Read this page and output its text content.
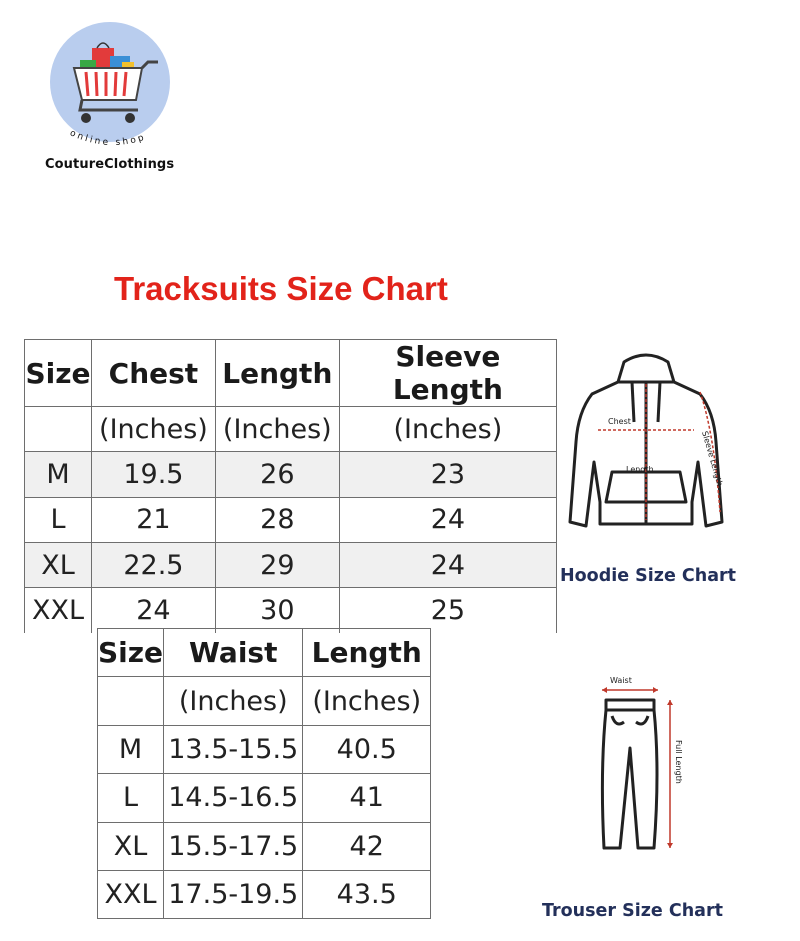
online shop
CoutureClothings
Tracksuits Size Chart
Size	Chest	Length	Sleeve Length
	(Inches)	(Inches)	(Inches)
M	19.5	26	23
L	21	28	24
XL	22.5	29	24
XXL	24	30	25
Chest
Length	Sleeve Length
Hoodie Size Chart
Size	Waist	Length
	(Inches)	(Inches)
M	13.5-15.5	40.5
L	14.5-16.5	41
XL	15.5-17.5	42
XXL	17.5-19.5	43.5
Waist
Full Length
Trouser Size Chart
